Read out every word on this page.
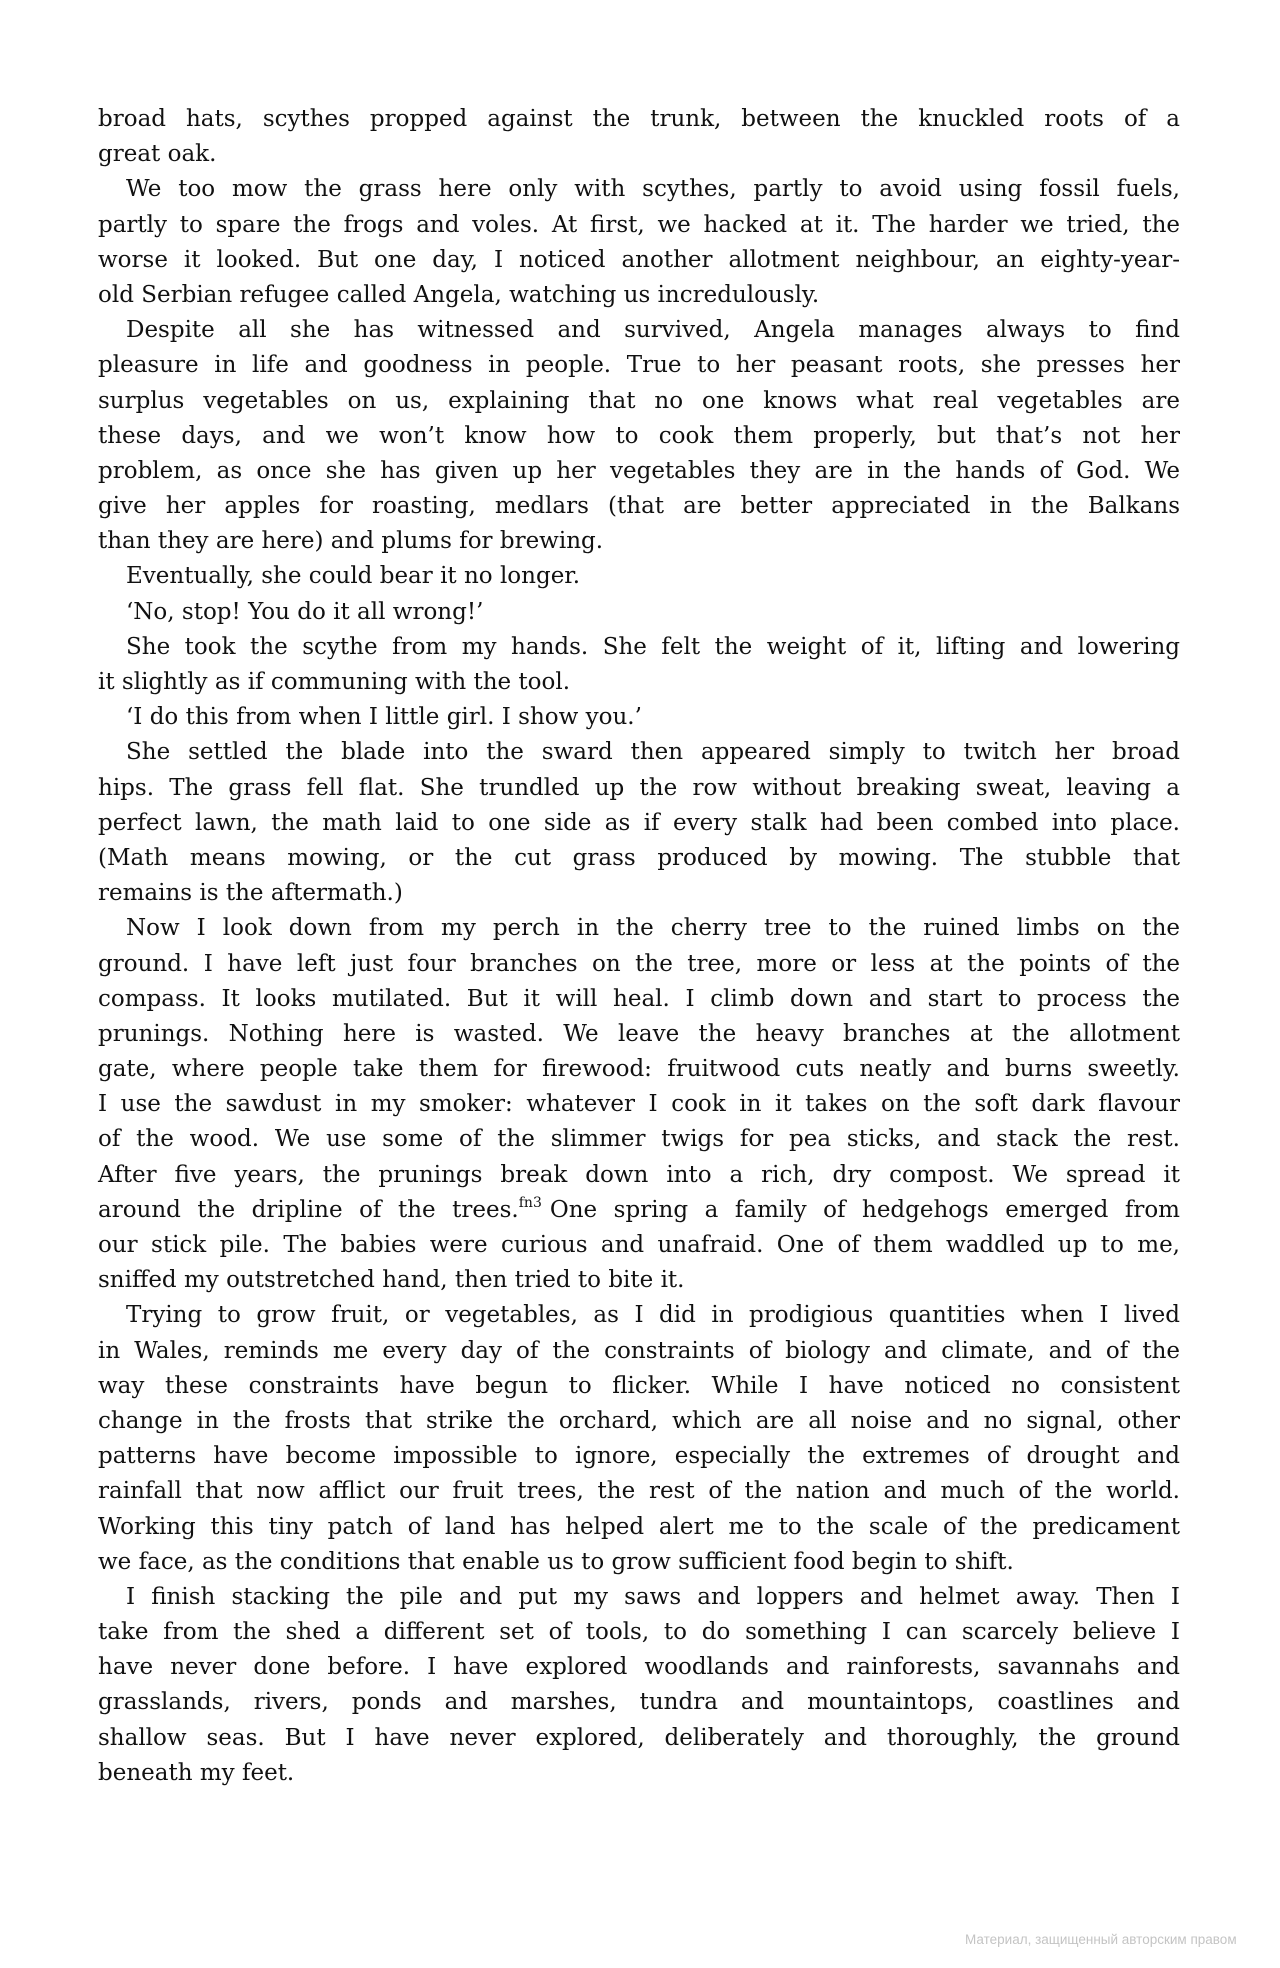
broad hats, scythes propped against the trunk, between the knuckled roots of a
great oak.
We too mow the grass here only with scythes, partly to avoid using fossil fuels,
partly to spare the frogs and voles. At first, we hacked at it. The harder we tried, the
worse it looked. But one day, I noticed another allotment neighbour, an eighty-year-
old Serbian refugee called Angela, watching us incredulously.
Despite all she has witnessed and survived, Angela manages always to find
pleasure in life and goodness in people. True to her peasant roots, she presses her
surplus vegetables on us, explaining that no one knows what real vegetables are
these days, and we won’t know how to cook them properly, but that’s not her
problem, as once she has given up her vegetables they are in the hands of God. We
give her apples for roasting, medlars (that are better appreciated in the Balkans
than they are here) and plums for brewing.
Eventually, she could bear it no longer.
‘No, stop! You do it all wrong!’
She took the scythe from my hands. She felt the weight of it, lifting and lowering
it slightly as if communing with the tool.
‘I do this from when I little girl. I show you.’
She settled the blade into the sward then appeared simply to twitch her broad
hips. The grass fell flat. She trundled up the row without breaking sweat, leaving a
perfect lawn, the math laid to one side as if every stalk had been combed into place.
(Math means mowing, or the cut grass produced by mowing. The stubble that
remains is the aftermath.)
Now I look down from my perch in the cherry tree to the ruined limbs on the
ground. I have left just four branches on the tree, more or less at the points of the
compass. It looks mutilated. But it will heal. I climb down and start to process the
prunings. Nothing here is wasted. We leave the heavy branches at the allotment
gate, where people take them for firewood: fruitwood cuts neatly and burns sweetly.
I use the sawdust in my smoker: whatever I cook in it takes on the soft dark flavour
of the wood. We use some of the slimmer twigs for pea sticks, and stack the rest.
After five years, the prunings break down into a rich, dry compost. We spread it
around the dripline of the trees.$^{fn3}$ One spring a family of hedgehogs emerged from
our stick pile. The babies were curious and unafraid. One of them waddled up to me,
sniffed my outstretched hand, then tried to bite it.
Trying to grow fruit, or vegetables, as I did in prodigious quantities when I lived
in Wales, reminds me every day of the constraints of biology and climate, and of the
way these constraints have begun to flicker. While I have noticed no consistent
change in the frosts that strike the orchard, which are all noise and no signal, other
patterns have become impossible to ignore, especially the extremes of drought and
rainfall that now afflict our fruit trees, the rest of the nation and much of the world.
Working this tiny patch of land has helped alert me to the scale of the predicament
we face, as the conditions that enable us to grow sufficient food begin to shift.
I finish stacking the pile and put my saws and loppers and helmet away. Then I
take from the shed a different set of tools, to do something I can scarcely believe I
have never done before. I have explored woodlands and rainforests, savannahs and
grasslands, rivers, ponds and marshes, tundra and mountaintops, coastlines and
shallow seas. But I have never explored, deliberately and thoroughly, the ground
beneath my feet.
Материал, защищенный авторским правом
